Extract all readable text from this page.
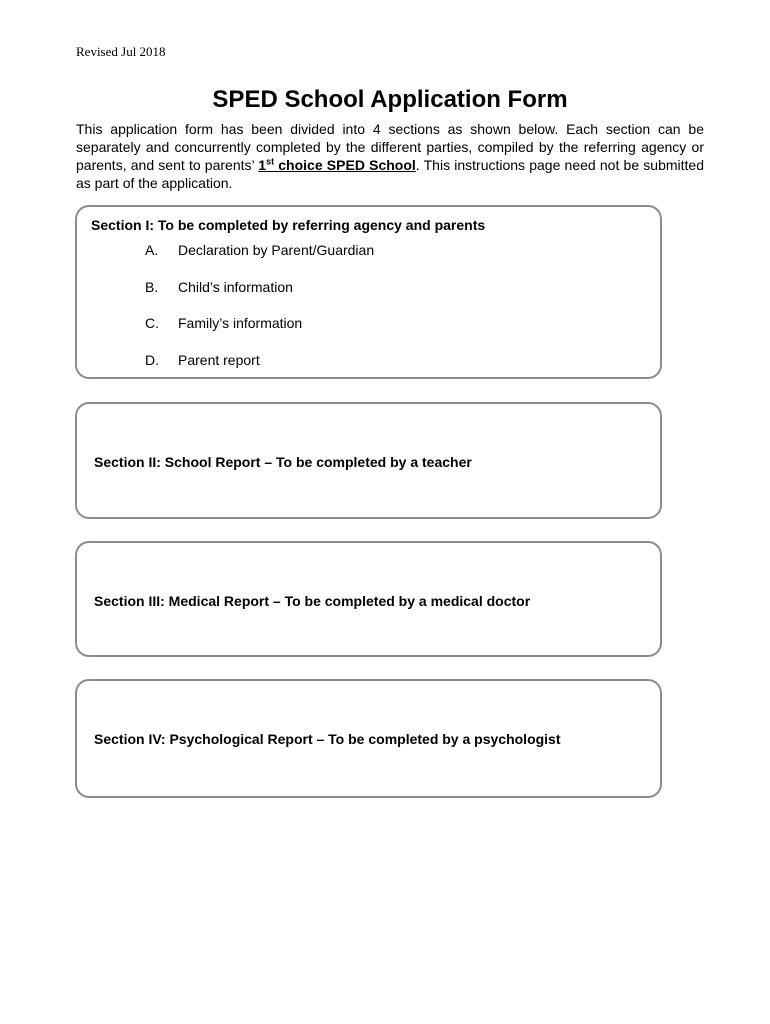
Revised Jul 2018
SPED School Application Form

This application form has been divided into 4 sections as shown below. Each section can be separately and concurrently completed by the different parties, compiled by the referring agency or parents, and sent to parents’ 1st choice SPED School. This instructions page need not be submitted as part of the application.

Section I: To be completed by referring agency and parents

A. Declaration by Parent/Guardian
B. Child’s information
C. Family’s information
D. Parent report

Section II: School Report – To be completed by a teacher

Section III: Medical Report – To be completed by a medical doctor

Section IV: Psychological Report – To be completed by a psychologist
